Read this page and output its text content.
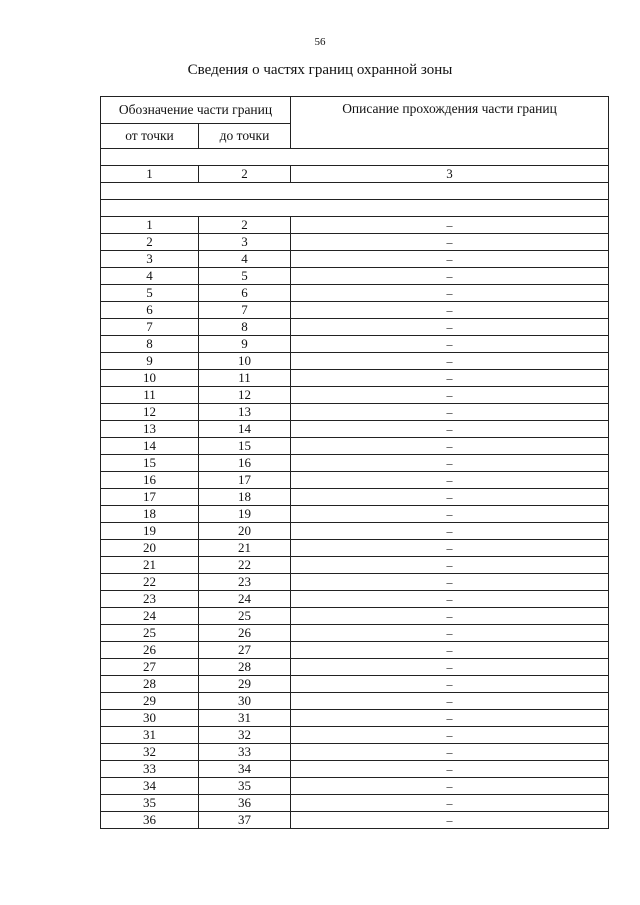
56
Сведения о частях границ охранной зоны
Обозначение части границ		Описание прохождения части границ
от точки	до точки	

1	2	3

1	2	–
2	3	–
3	4	–
4	5	–
5	6	–
6	7	–
7	8	–
8	9	–
9	10	–
10	11	–
11	12	–
12	13	–
13	14	–
14	15	–
15	16	–
16	17	–
17	18	–
18	19	–
19	20	–
20	21	–
21	22	–
22	23	–
23	24	–
24	25	–
25	26	–
26	27	–
27	28	–
28	29	–
29	30	–
30	31	–
31	32	–
32	33	–
33	34	–
34	35	–
35	36	–
36	37	–
